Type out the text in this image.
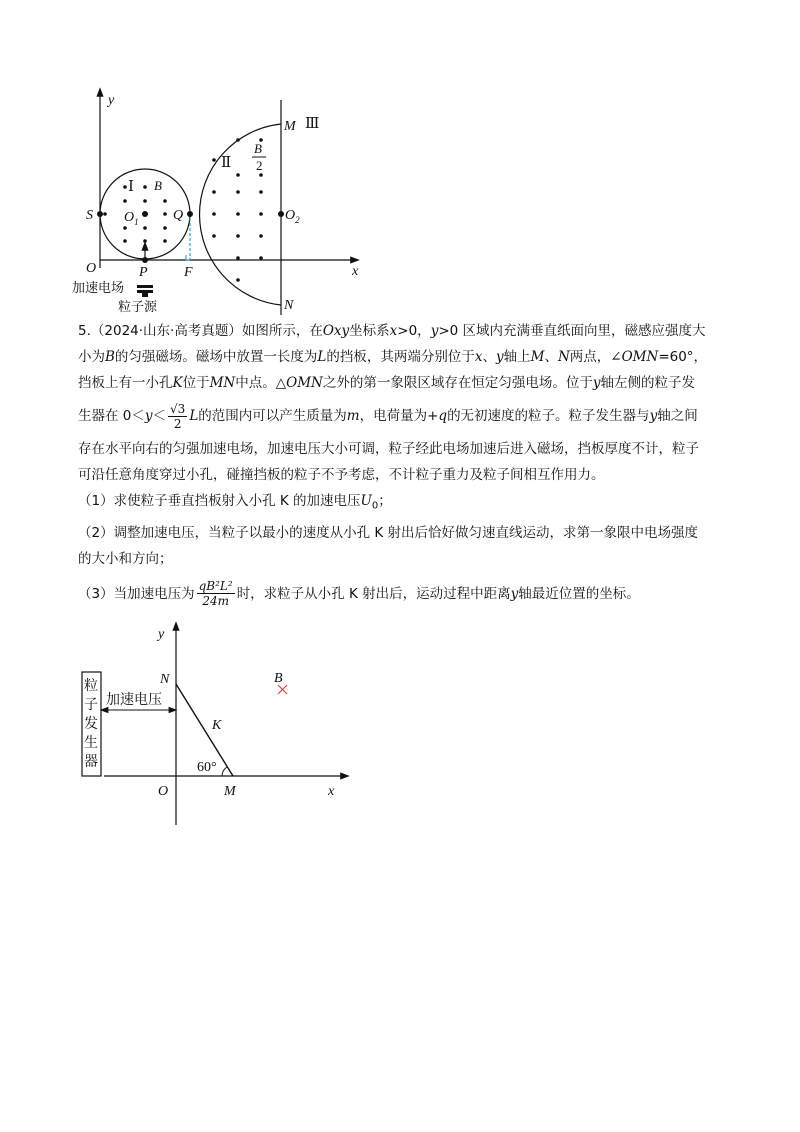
y
x
O
Ⅰ B
Ⅱ
B
2
Ⅲ
M
N
S $O_1$ Q	$O_2$
P	F
加速电场
粒子源

5.（2024·山东·高考真题）如图所示，在Oxy坐标系x>0，y>0 区域内充满垂直纸面向里，磁感应强度大

小为B的匀强磁场。磁场中放置一长度为L的挡板，其两端分别位于x、y轴上M、N两点，∠OMN=60°，

挡板上有一小孔K位于MN中点。△OMN之外的第一象限区域存在恒定匀强电场。位于y轴左侧的粒子发

生器在 $0<y< \frac{√3}{2}$ L的范围内可以产生质量为m，电荷量为+q的无初速度的粒子。粒子发生器与y轴之间

存在水平向右的匀强加速电场，加速电压大小可调，粒子经此电场加速后进入磁场，挡板厚度不计，粒子

可沿任意角度穿过小孔，碰撞挡板的粒子不予考虑，不计粒子重力及粒子间相互作用力。

（1）求使粒子垂直挡板射入小孔 K 的加速电压$U_0$；

（2）调整加速电压，当粒子以最小的速度从小孔 K 射出后恰好做匀速直线运动，求第一象限中电场强度

的大小和方向；

（3）当加速电压为 $\frac{\text{qB²L²}}{24m}$ 时，求粒子从小孔 K 射出后，运动过程中距离y轴最近位置的坐标。

y
x
O
N
K
M
60°
B
粒
子
发
生
器
加速电压
